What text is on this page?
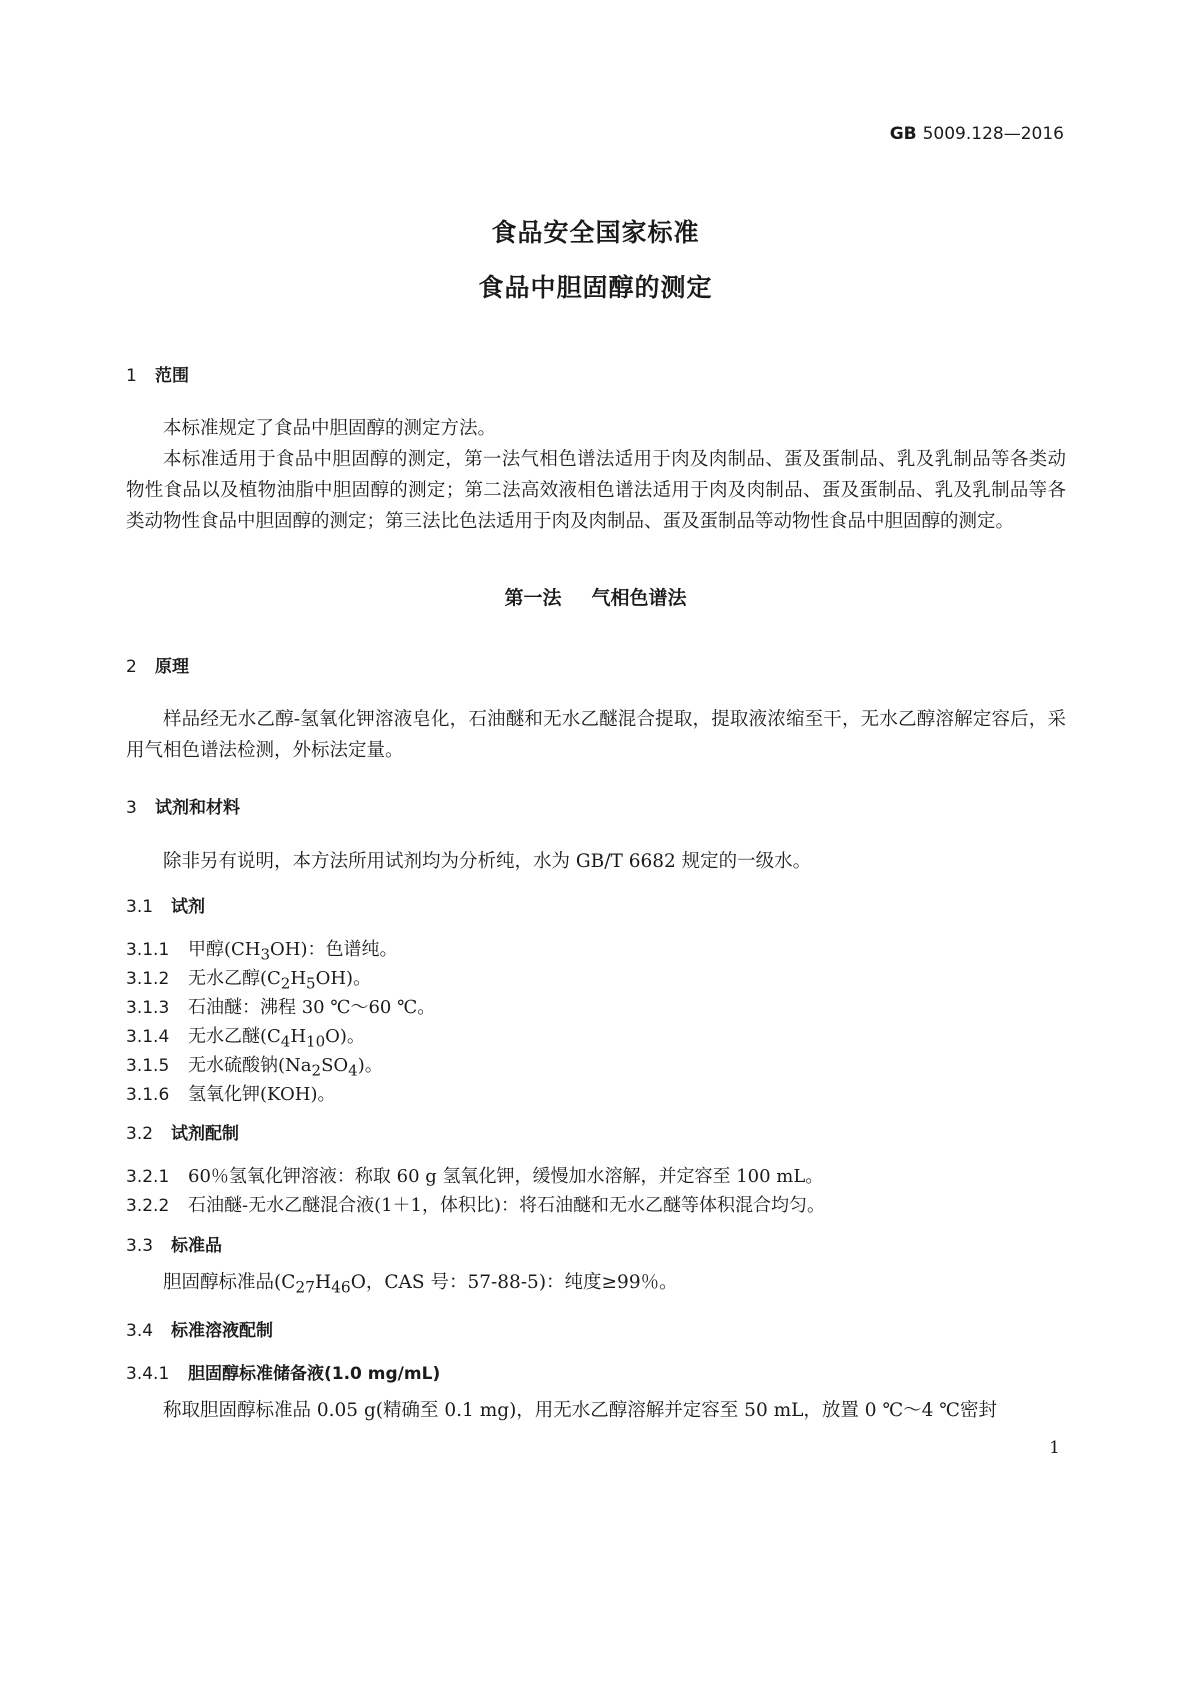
GB 5009.128—2016
食品安全国家标准
食品中胆固醇的测定
1 范围
本标准规定了食品中胆固醇的测定方法。
本标准适用于食品中胆固醇的测定，第一法气相色谱法适用于肉及肉制品、蛋及蛋制品、乳及乳制品等各类动物性食品以及植物油脂中胆固醇的测定；第二法高效液相色谱法适用于肉及肉制品、蛋及蛋制品、乳及乳制品等各类动物性食品中胆固醇的测定；第三法比色法适用于肉及肉制品、蛋及蛋制品等动物性食品中胆固醇的测定。
第一法 气相色谱法
2 原理
样品经无水乙醇-氢氧化钾溶液皂化，石油醚和无水乙醚混合提取，提取液浓缩至干，无水乙醇溶解定容后，采用气相色谱法检测，外标法定量。
3 试剂和材料
除非另有说明，本方法所用试剂均为分析纯，水为 GB/T 6682 规定的一级水。
3.1 试剂
3.1.1 甲醇$(CH_3OH)$：色谱纯。
3.1.2 无水乙醇$(C_2H_5OH)$。
3.1.3 石油醚：沸程 30 ℃～60 ℃。
3.1.4 无水乙醚$(C_4H_{10}O)$。
3.1.5 无水硫酸钠$(Na_2SO_4)$。
3.1.6 氢氧化钾(KOH)。
3.2 试剂配制
3.2.1 60％氢氧化钾溶液：称取 60 g 氢氧化钾，缓慢加水溶解，并定容至 100 mL。
3.2.2 石油醚-无水乙醚混合液(1＋1，体积比)：将石油醚和无水乙醚等体积混合均匀。
3.3 标准品
胆固醇标准品($C_{27}H_{46}O$，CAS 号：57-88-5)：纯度≥99％。
3.4 标准溶液配制
3.4.1 胆固醇标准储备液(1.0 mg/mL)
称取胆固醇标准品 0.05 g(精确至 0.1 mg)，用无水乙醇溶解并定容至 50 mL，放置 0 ℃～4 ℃密封
1
